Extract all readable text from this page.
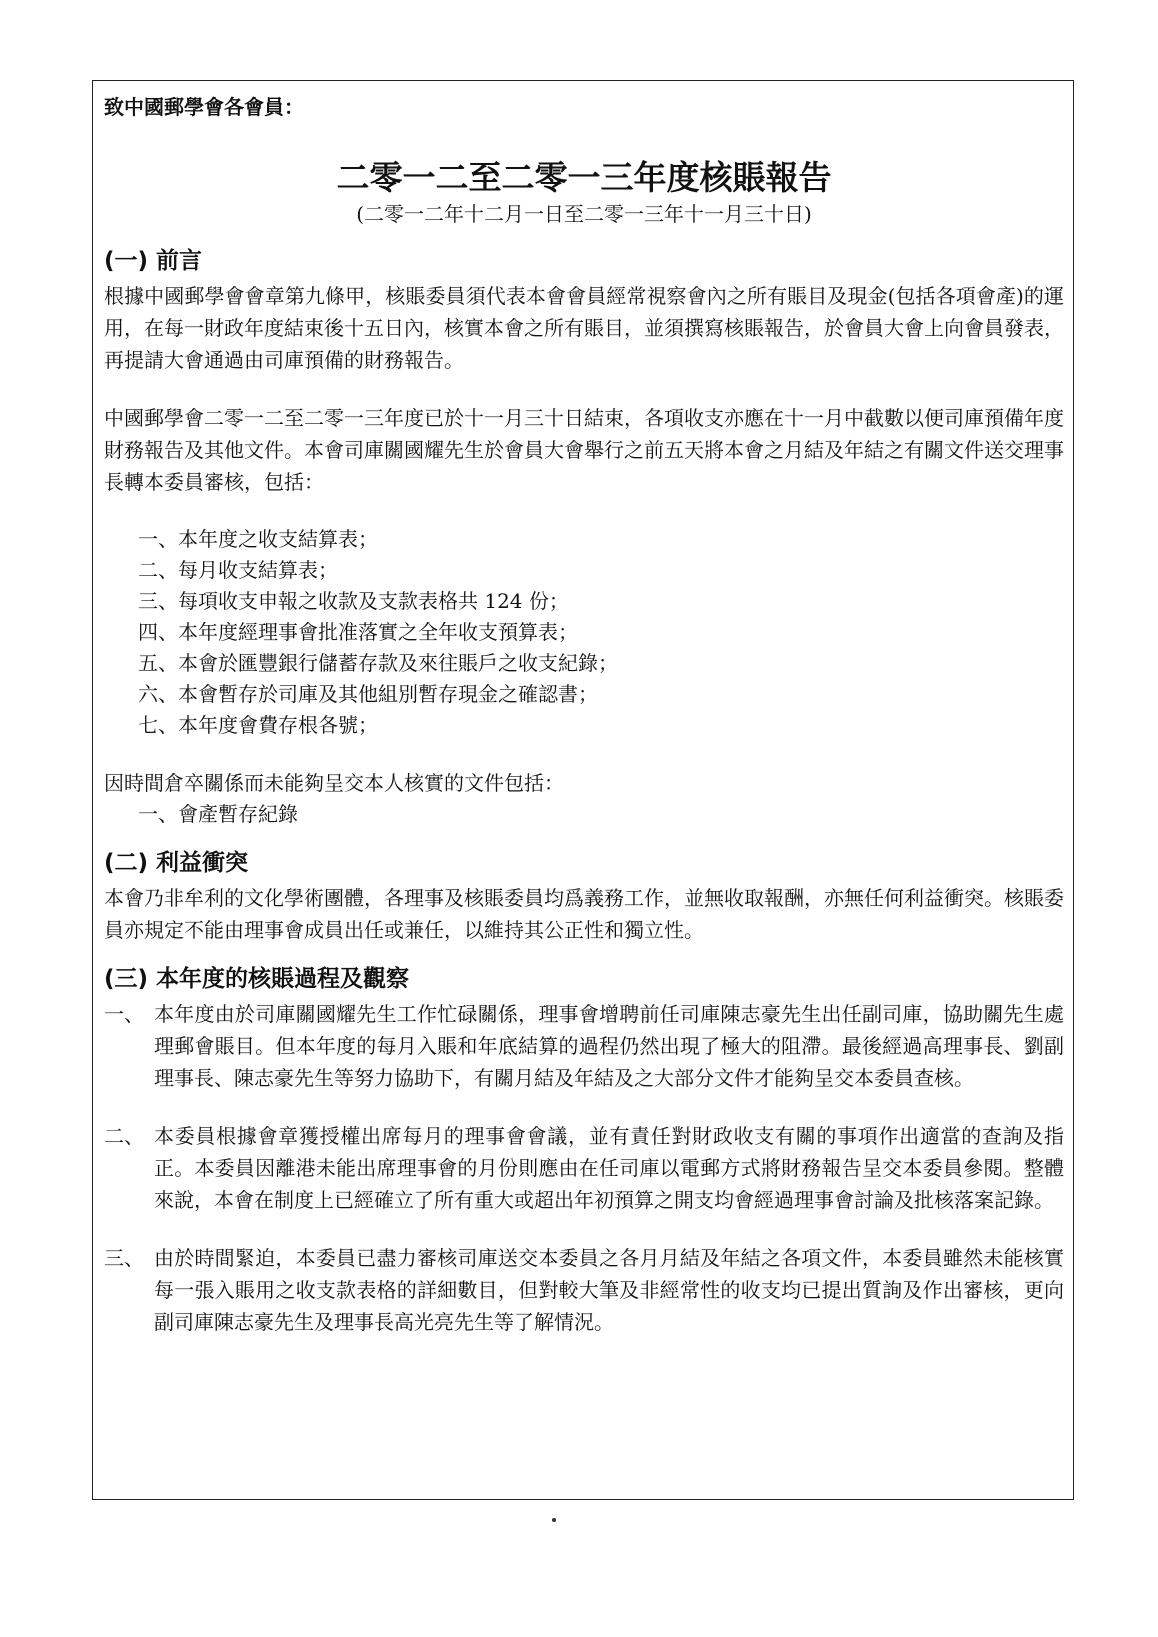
致中國郵學會各會員：

二零一二至二零一三年度核賬報告

(二零一二年十二月一日至二零一三年十一月三十日)

(一) 前言

根據中國郵學會會章第九條甲，核賬委員須代表本會會員經常視察會內之所有賬目及現金(包括各項會產)的運用，在每一財政年度結束後十五日內，核實本會之所有賬目，並須撰寫核賬報告，於會員大會上向會員發表，再提請大會通過由司庫預備的財務報告。

中國郵學會二零一二至二零一三年度已於十一月三十日結束，各項收支亦應在十一月中截數以便司庫預備年度財務報告及其他文件。本會司庫關國耀先生於會員大會舉行之前五天將本會之月結及年結之有關文件送交理事長轉本委員審核，包括：

一、本年度之收支結算表；
二、每月收支結算表；
三、每項收支申報之收款及支款表格共 124 份；
四、本年度經理事會批准落實之全年收支預算表；
五、本會於匯豐銀行儲蓄存款及來往賬戶之收支紀錄；
六、本會暫存於司庫及其他組別暫存現金之確認書；
七、本年度會費存根各號；

因時間倉卒關係而未能夠呈交本人核實的文件包括：

一、會產暫存紀錄
(二) 利益衝突

本會乃非牟利的文化學術團體，各理事及核賬委員均爲義務工作，並無收取報酬，亦無任何利益衝突。核賬委員亦規定不能由理事會成員出任或兼任，以維持其公正性和獨立性。

(三) 本年度的核賬過程及觀察
一、 本年度由於司庫關國耀先生工作忙碌關係，理事會增聘前任司庫陳志豪先生出任副司庫，協助關先生處理郵會賬目。但本年度的每月入賬和年底結算的過程仍然出現了極大的阻滯。最後經過高理事長、劉副理事長、陳志豪先生等努力協助下，有關月結及年結及之大部分文件才能夠呈交本委員查核。
二、 本委員根據會章獲授權出席每月的理事會會議，並有責任對財政收支有關的事項作出適當的查詢及指正。本委員因離港未能出席理事會的月份則應由在任司庫以電郵方式將財務報告呈交本委員參閱。整體來說，本會在制度上已經確立了所有重大或超出年初預算之開支均會經過理事會討論及批核落案記錄。
三、 由於時間緊迫，本委員已盡力審核司庫送交本委員之各月月結及年結之各項文件，本委員雖然未能核實每一張入賬用之收支款表格的詳細數目，但對較大筆及非經常性的收支均已提出質詢及作出審核，更向副司庫陳志豪先生及理事長高光亮先生等了解情況。
